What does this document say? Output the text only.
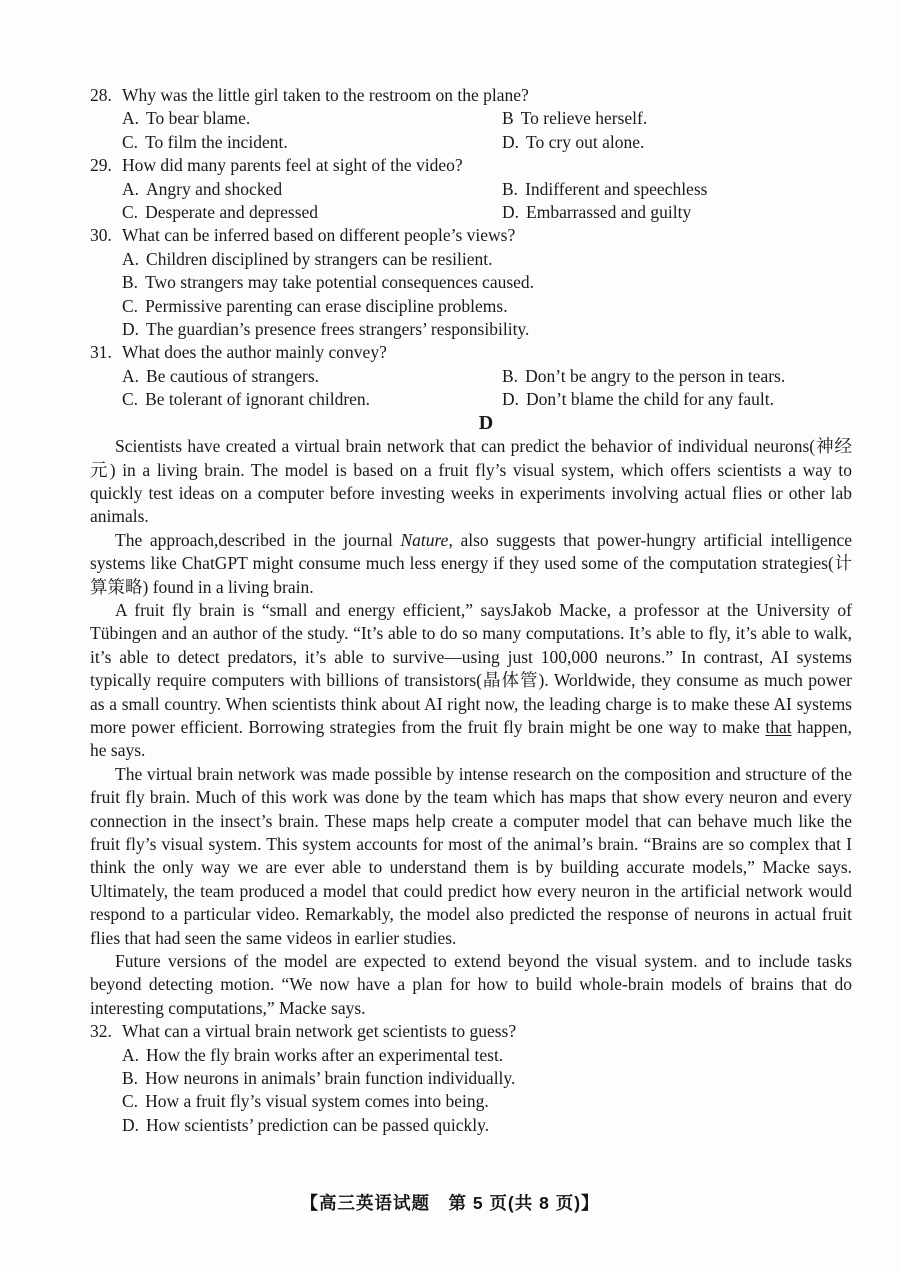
28. Why was the little girl taken to the restroom on the plane?
A. To bear blame.	B To relieve herself.
C. To film the incident.	D. To cry out alone.
29. How did many parents feel at sight of the video?
A. Angry and shocked	B. Indifferent and speechless
C. Desperate and depressed	D. Embarrassed and guilty
30. What can be inferred based on different people’s views?
A. Children disciplined by strangers can be resilient.
B. Two strangers may take potential consequences caused.
C. Permissive parenting can erase discipline problems.
D. The guardian’s presence frees strangers’ responsibility.
31. What does the author mainly convey?
A. Be cautious of strangers.	B. Don’t be angry to the person in tears.
C. Be tolerant of ignorant children.	D. Don’t blame the child for any fault.
D

Scientists have created a virtual brain network that can predict the behavior of individual neurons(神经元) in a living brain. The model is based on a fruit fly’s visual system, which offers scientists a way to quickly test ideas on a computer before investing weeks in experiments involving actual flies or other lab animals.

The approach,described in the journal Nature, also suggests that power-hungry artificial intelligence systems like ChatGPT might consume much less energy if they used some of the computation strategies(计算策略) found in a living brain.

A fruit fly brain is “small and energy efficient,” saysJakob Macke, a professor at the University of Tübingen and an author of the study. “It’s able to do so many computations. It’s able to fly, it’s able to walk, it’s able to detect predators, it’s able to survive—using just 100,000 neurons.” In contrast, AI systems typically require computers with billions of transistors(晶体管). Worldwide, they consume as much power as a small country. When scientists think about AI right now, the leading charge is to make these AI systems more power efficient. Borrowing strategies from the fruit fly brain might be one way to make that happen, he says.

The virtual brain network was made possible by intense research on the composition and structure of the fruit fly brain. Much of this work was done by the team which has maps that show every neuron and every connection in the insect’s brain. These maps help create a computer model that can behave much like the fruit fly’s visual system. This system accounts for most of the animal’s brain. “Brains are so complex that I think the only way we are ever able to understand them is by building accurate models,” Macke says. Ultimately, the team produced a model that could predict how every neuron in the artificial network would respond to a particular video. Remarkably, the model also predicted the response of neurons in actual fruit flies that had seen the same videos in earlier studies.

Future versions of the model are expected to extend beyond the visual system. and to include tasks beyond detecting motion. “We now have a plan for how to build whole-brain models of brains that do interesting computations,” Macke says.

32. What can a virtual brain network get scientists to guess?
A. How the fly brain works after an experimental test.
B. How neurons in animals’ brain function individually.
C. How a fruit fly’s visual system comes into being.
D. How scientists’ prediction can be passed quickly.
【高三英语试题　第 5 页(共 8 页)】
